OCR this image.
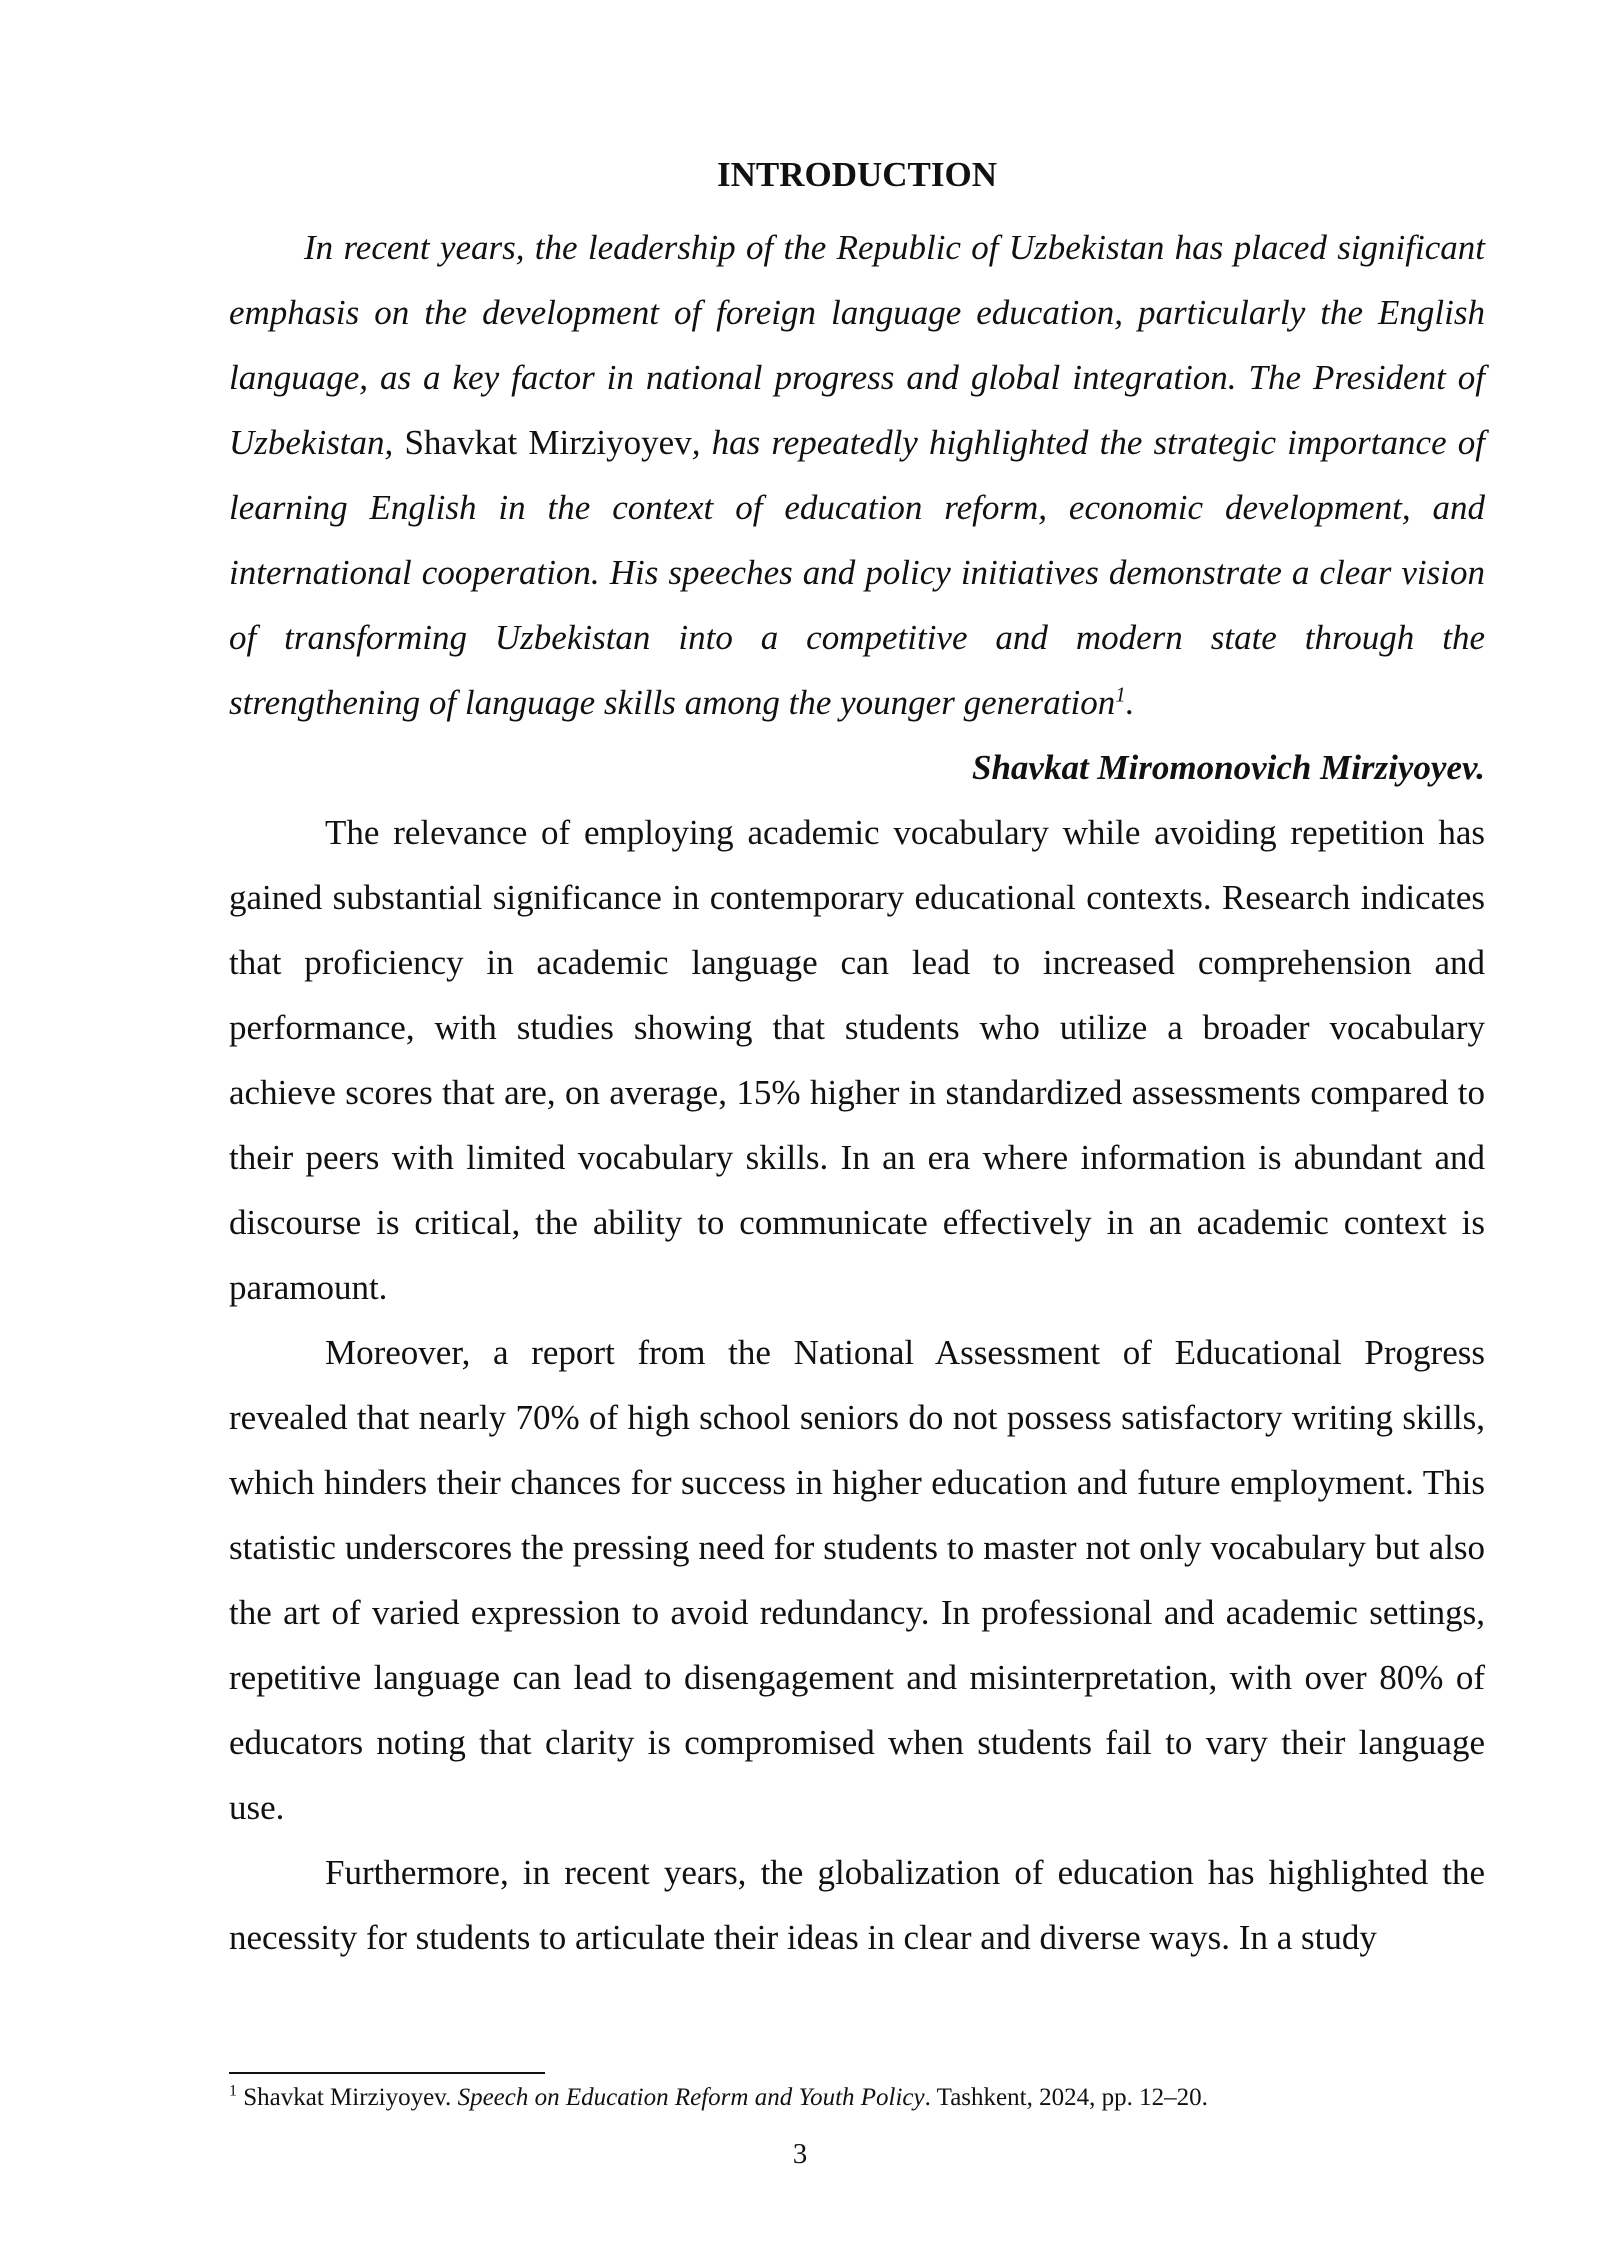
INTRODUCTION

In recent years, the leadership of the Republic of Uzbekistan has placed significant emphasis on the development of foreign language education, particularly the English language, as a key factor in national progress and global integration. The President of Uzbekistan, Shavkat Mirziyoyev, has repeatedly highlighted the strategic importance of learning English in the context of education reform, economic development, and international cooperation. His speeches and policy initiatives demonstrate a clear vision of transforming Uzbekistan into a competitive and modern state through the strengthening of language skills among the younger generation$^1$.

Shavkat Miromonovich Mirziyoyev.

The relevance of employing academic vocabulary while avoiding repetition has gained substantial significance in contemporary educational contexts. Research indicates that proficiency in academic language can lead to increased comprehension and performance, with studies showing that students who utilize a broader vocabulary achieve scores that are, on average, 15% higher in standardized assessments compared to their peers with limited vocabulary skills. In an era where information is abundant and discourse is critical, the ability to communicate effectively in an academic context is paramount.

Moreover, a report from the National Assessment of Educational Progress revealed that nearly 70% of high school seniors do not possess satisfactory writing skills, which hinders their chances for success in higher education and future employment. This statistic underscores the pressing need for students to master not only vocabulary but also the art of varied expression to avoid redundancy. In professional and academic settings, repetitive language can lead to disengagement and misinterpretation, with over 80% of educators noting that clarity is compromised when students fail to vary their language use.

Furthermore, in recent years, the globalization of education has highlighted the necessity for students to articulate their ideas in clear and diverse ways. In a study

$^1$ Shavkat Mirziyoyev. Speech on Education Reform and Youth Policy. Tashkent, 2024, pp. 12–20.

3
